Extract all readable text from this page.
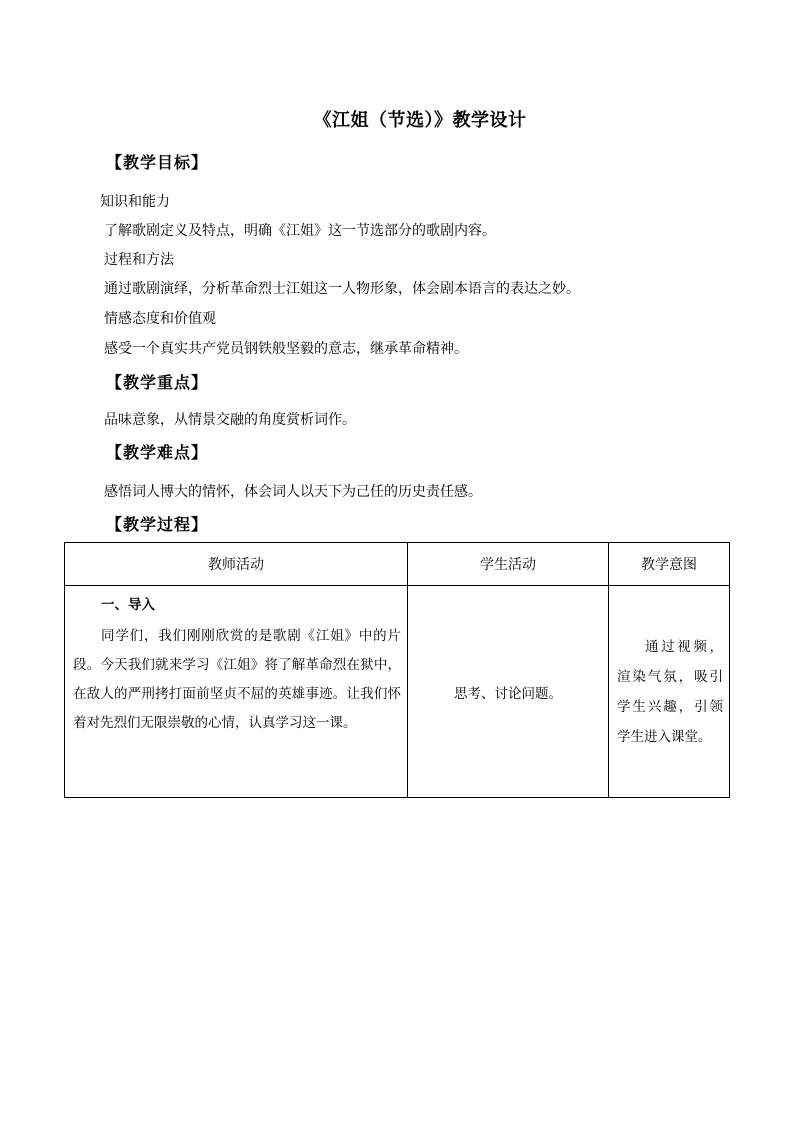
《江姐（节选）》教学设计
【教学目标】
知识和能力
了解歌剧定义及特点，明确《江姐》这一节选部分的歌剧内容。
过程和方法
通过歌剧演绎，分析革命烈士江姐这一人物形象，体会剧本语言的表达之妙。
情感态度和价值观
感受一个真实共产党员钢铁般坚毅的意志，继承革命精神。
【教学重点】
品味意象，从情景交融的角度赏析词作。
【教学难点】
感悟词人博大的情怀，体会词人以天下为己任的历史责任感。
【教学过程】
教师活动	学生活动	教学意图

一、导入
同学们，我们刚刚欣赏的是歌剧《江姐》中的片段。今天我们就来学习《江姐》将了解革命烈在狱中，在敌人的严刑拷打面前坚贞不屈的英雄事迹。让我们怀着对先烈们无限崇敬的心情，认真学习这一课。	思考、讨论问题。	通过视频，渲染气氛，吸引学生兴趣，引领学生进入课堂。
